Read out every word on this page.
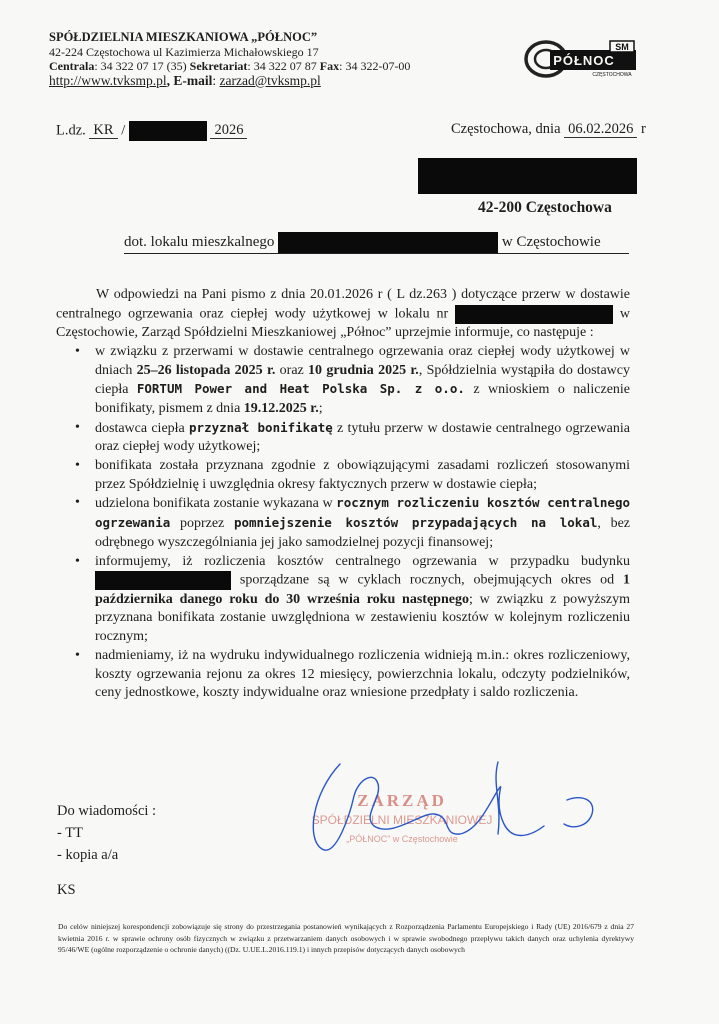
SPÓŁDZIELNIA MIESZKANIOWA „PÓŁNOC”
42-224 Częstochowa ul Kazimierza Michałowskiego 17
Centrala: 34 322 07 17 (35) Sekretariat: 34 322 07 87 Fax: 34 322-07-00
http://www.tvksmp.pl, E-mail: zarzad@tvksmp.pl
SM
PÓŁNOC
CZĘSTOCHOWA
L.dz. KR /	2026	Częstochowa, dnia 06.02.2026 r
42-200 Częstochowa
dot. lokalu mieszkalnego	w Częstochowie

W odpowiedzi na Pani pismo z dnia 20.01.2026 r ( L dz.263 ) dotyczące przerw w dostawie centralnego ogrzewania oraz ciepłej wody użytkowej w lokalu nr	w Częstochowie, Zarząd Spółdzielni Mieszkaniowej „Północ” uprzejmie informuje, co następuje :

• w związku z przerwami w dostawie centralnego ogrzewania oraz ciepłej wody użytkowej w dniach 25–26 listopada 2025 r. oraz 10 grudnia 2025 r., Spółdzielnia wystąpiła do dostawcy ciepła FORTUM Power and Heat Polska Sp. z o.o. z wnioskiem o naliczenie bonifikaty, pismem z dnia 19.12.2025 r.;
• dostawca ciepła przyznał bonifikatę z tytułu przerw w dostawie centralnego ogrzewania oraz ciepłej wody użytkowej;
• bonifikata została przyznana zgodnie z obowiązującymi zasadami rozliczeń stosowanymi przez Spółdzielnię i uwzględnia okresy faktycznych przerw w dostawie ciepła;
• udzielona bonifikata zostanie wykazana w rocznym rozliczeniu kosztów centralnego ogrzewania poprzez pomniejszenie kosztów przypadających na lokal, bez odrębnego wyszczególniania jej jako samodzielnej pozycji finansowej;
• informujemy, iż rozliczenia kosztów centralnego ogrzewania w przypadku budynku  sporządzane są w cyklach rocznych, obejmujących okres od 1 października danego roku do 30 września roku następnego; w związku z powyższym przyznana bonifikata zostanie uwzględniona w zestawieniu kosztów w kolejnym rozliczeniu rocznym;
• nadmieniamy, iż na wydruku indywidualnego rozliczenia widnieją m.in.: okres rozliczeniowy, koszty ogrzewania rejonu za okres 12 miesięcy, powierzchnia lokalu, odczyty podzielników, ceny jednostkowe, koszty indywidualne oraz wniesione przedpłaty i saldo rozliczenia.
ZARZĄD
SPÓŁDZIELNI MIESZKANIOWEJ
„PÓŁNOC” w Częstochowie
Do wiadomości :
- TT
- kopia a/a
KS
Do celów niniejszej korespondencji zobowiązuje się strony do przestrzegania postanowień wynikających z Rozporządzenia Parlamentu Europejskiego i Rady (UE) 2016/679 z dnia 27 kwietnia 2016 r. w sprawie ochrony osób fizycznych w związku z przetwarzaniem danych osobowych i w sprawie swobodnego przepływu takich danych oraz uchylenia dyrektywy 95/46/WE (ogólne rozporządzenie o ochronie danych) ((Dz. U.UE.L.2016.119.1) i innych przepisów dotyczących danych osobowych
